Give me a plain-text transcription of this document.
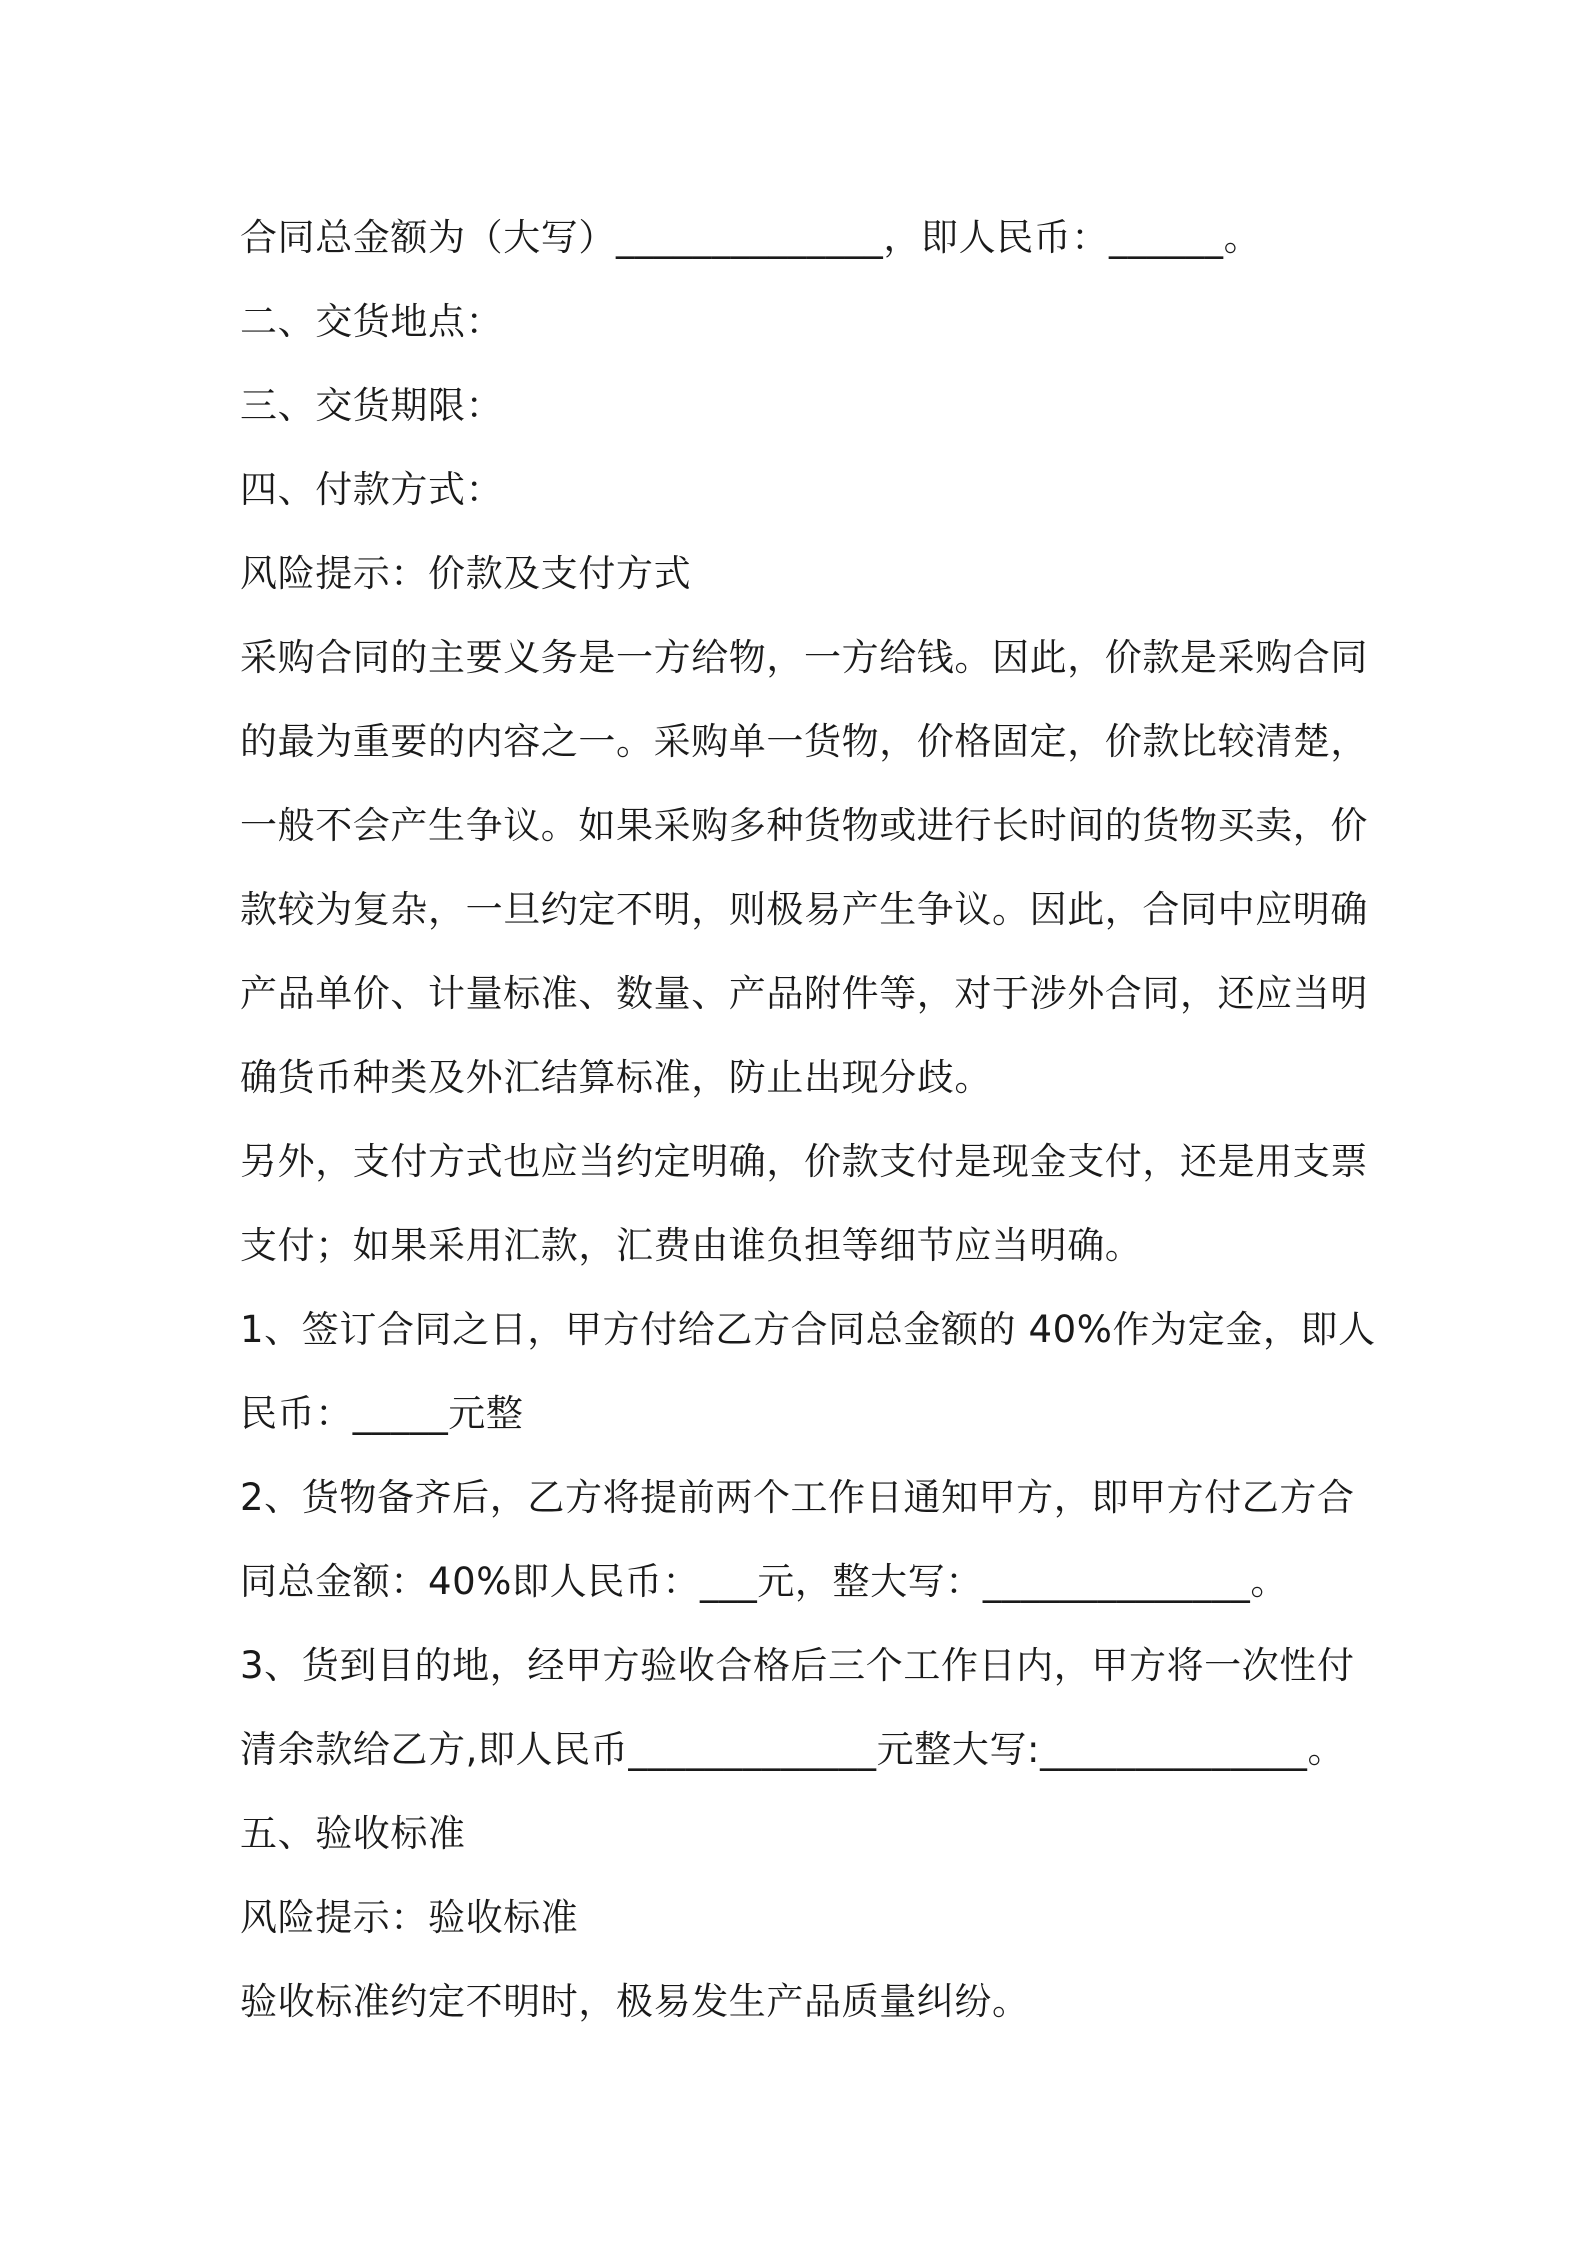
合同总金额为（大写）______________，即人民币：______。
二、交货地点：
三、交货期限：
四、付款方式：
风险提示：价款及支付方式
采购合同的主要义务是一方给物，一方给钱。因此，价款是采购合同
的最为重要的内容之一。采购单一货物，价格固定，价款比较清楚，
一般不会产生争议。如果采购多种货物或进行长时间的货物买卖，价
款较为复杂，一旦约定不明，则极易产生争议。因此，合同中应明确
产品单价、计量标准、数量、产品附件等，对于涉外合同，还应当明
确货币种类及外汇结算标准，防止出现分歧。
另外，支付方式也应当约定明确，价款支付是现金支付，还是用支票
支付；如果采用汇款，汇费由谁负担等细节应当明确。
1、签订合同之日，甲方付给乙方合同总金额的 40%作为定金，即人
民币：_____元整
2、货物备齐后，乙方将提前两个工作日通知甲方，即甲方付乙方合
同总金额：40%即人民币：___元，整大写：______________。
3、货到目的地，经甲方验收合格后三个工作日内，甲方将一次性付
清余款给乙方,即人民币_____________元整大写:______________。
五、验收标准
风险提示：验收标准
验收标准约定不明时，极易发生产品质量纠纷。
